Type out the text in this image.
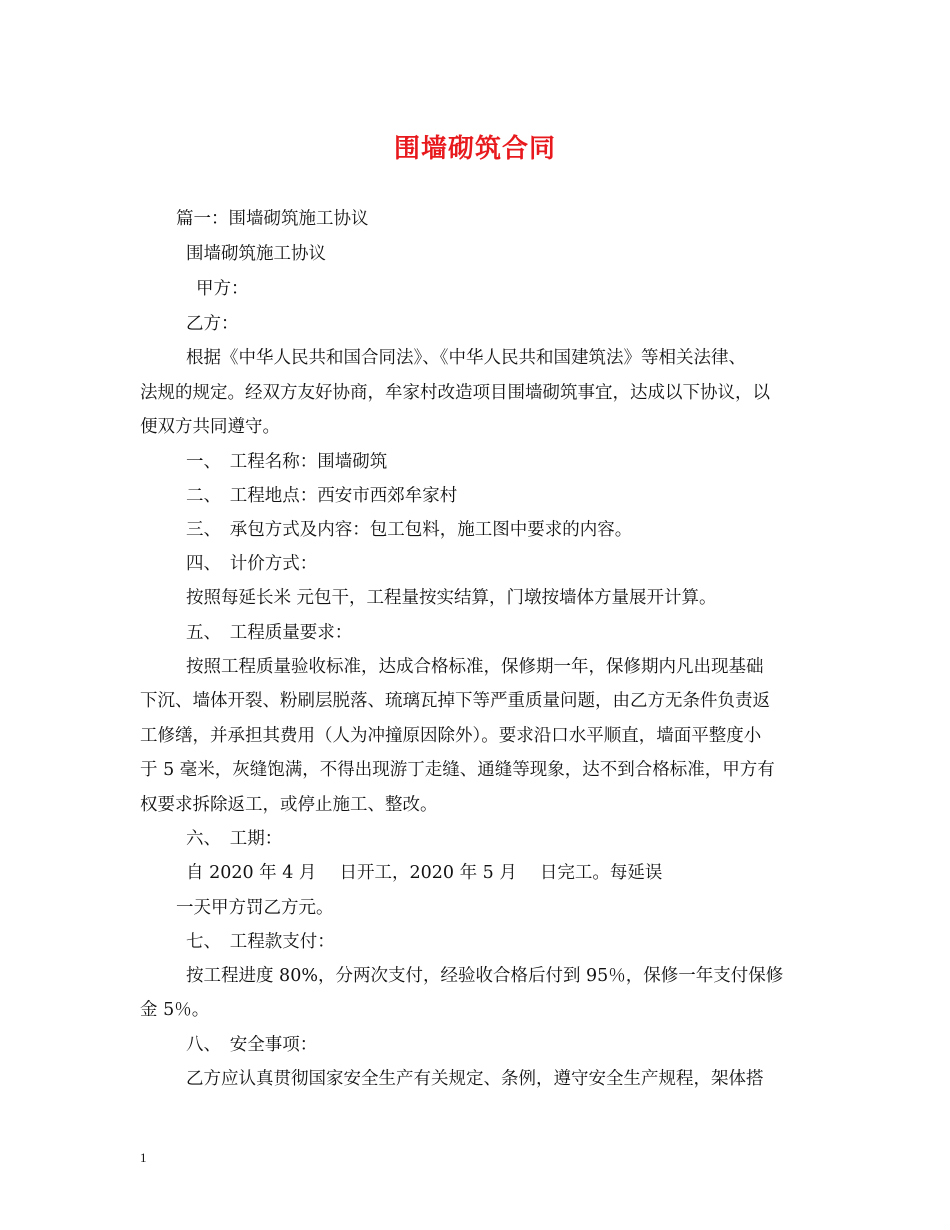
围墙砌筑合同
篇一：围墙砌筑施工协议
围墙砌筑施工协议
甲方：
乙方：
根据《中华人民共和国合同法》、《中华人民共和国建筑法》等相关法律、
法规的规定。经双方友好协商，牟家村改造项目围墙砌筑事宜，达成以下协议，以
便双方共同遵守。
一、　工程名称：围墙砌筑
二、　工程地点：西安市西郊牟家村
三、　承包方式及内容：包工包料，施工图中要求的内容。
四、　计价方式：
按照每延长米 元包干，工程量按实结算，门墩按墙体方量展开计算。
五、　工程质量要求：
按照工程质量验收标准，达成合格标准，保修期一年，保修期内凡出现基础
下沉、墙体开裂、粉刷层脱落、琉璃瓦掉下等严重质量问题，由乙方无条件负责返
工修缮，并承担其费用（人为冲撞原因除外）。要求沿口水平顺直，墙面平整度小
于 5 毫米，灰缝饱满，不得出现游丁走缝、通缝等现象，达不到合格标准，甲方有
权要求拆除返工，或停止施工、整改。
六、　工期：
自 2020 年 4 月　 日开工，2020 年 5 月　 日完工。每延误
一天甲方罚乙方元。
七、　工程款支付：
按工程进度 80%，分两次支付，经验收合格后付到 95％，保修一年支付保修
金 5％。
八、　安全事项：
乙方应认真贯彻国家安全生产有关规定、条例，遵守安全生产规程，架体搭
1
